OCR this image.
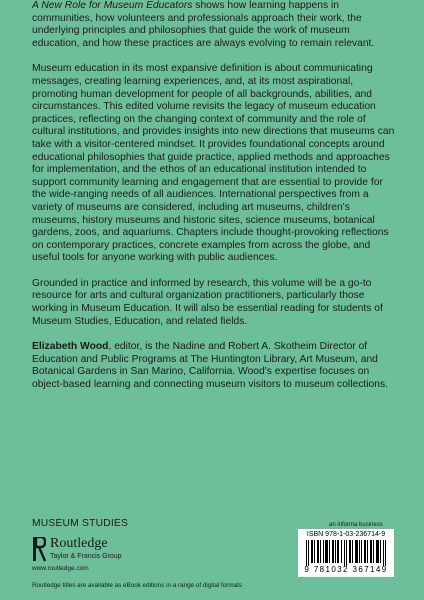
A New Role for Museum Educators shows how learning happens in communities, how volunteers and professionals approach their work, the underlying principles and philosophies that guide the work of museum education, and how these practices are always evolving to remain relevant.

Museum education in its most expansive definition is about communicating messages, creating learning experiences, and, at its most aspirational, promoting human development for people of all backgrounds, abilities, and circumstances. This edited volume revisits the legacy of museum education practices, reflecting on the changing context of community and the role of cultural institutions, and provides insights into new directions that museums can take with a visitor-centered mindset. It provides foundational concepts around educational philosophies that guide practice, applied methods and approaches for implementation, and the ethos of an educational institution intended to support community learning and engagement that are essential to provide for the wide-ranging needs of all audiences. International perspectives from a variety of museums are considered, including art museums, children's museums, history museums and historic sites, science museums, botanical gardens, zoos, and aquariums. Chapters include thought-provoking reflections on contemporary practices, concrete examples from across the globe, and useful tools for anyone working with public audiences.

Grounded in practice and informed by research, this volume will be a go-to resource for arts and cultural organization practitioners, particularly those working in Museum Education. It will also be essential reading for students of Museum Studies, Education, and related fields.

Elizabeth Wood, editor, is the Nadine and Robert A. Skotheim Director of Education and Public Programs at The Huntington Library, Art Museum, and Botanical Gardens in San Marino, California. Wood's expertise focuses on object-based learning and connecting museum visitors to museum collections.

MUSEUM STUDIES
Routledge
Taylor & Francis Group
www.routledge.com
an informa business
ISBN 978-1-03-236714-9
9 781032 367149
Routledge titles are available as eBook editions in a range of digital formats
